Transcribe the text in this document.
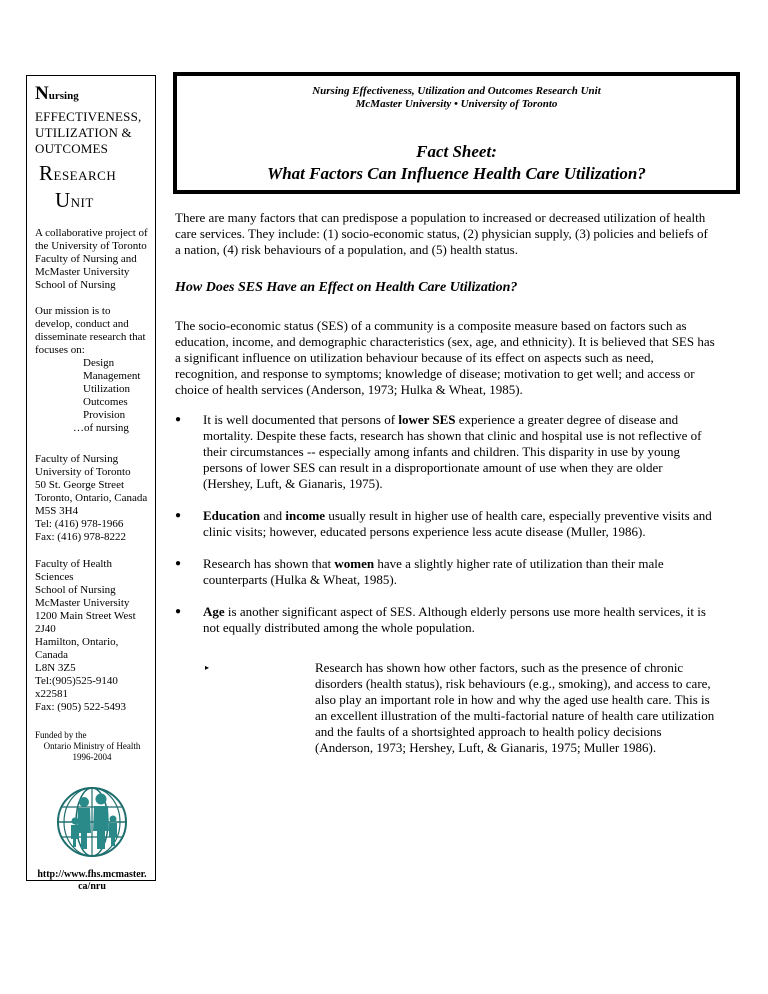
Nursing
EFFECTIVENESS,
UTILIZATION &
OUTCOMES
RESEARCH
UNIT

A collaborative project of the University of Toronto Faculty of Nursing and McMaster University School of Nursing

Our mission is to develop, conduct and disseminate research that focuses on:

Design
Management
Utilization
Outcomes
Provision
…of nursing
Faculty of Nursing
University of Toronto
50 St. George Street
Toronto, Ontario, Canada
M5S 3H4
Tel: (416) 978-1966
Fax: (416) 978-8222
Faculty of Health Sciences
School of Nursing
McMaster University
1200 Main Street West
2J40
Hamilton, Ontario, Canada
L8N 3Z5
Tel:(905)525-9140
x22581
Fax: (905) 522-5493
Funded by the
Ontario Ministry of Health
1996-2004
http://www.fhs.mcmaster.
ca/nru
Nursing Effectiveness, Utilization and Outcomes Research Unit
McMaster University • University of Toronto
Fact Sheet:
What Factors Can Influence Health Care Utilization?

There are many factors that can predispose a population to increased or decreased utilization of health care services. They include: (1) socio-economic status, (2) physician supply, (3) policies and beliefs of a nation, (4) risk behaviours of a population, and (5) health status.

How Does SES Have an Effect on Health Care Utilization?

The socio-economic status (SES) of a community is a composite measure based on factors such as education, income, and demographic characteristics (sex, age, and ethnicity). It is believed that SES has a significant influence on utilization behaviour because of its effect on aspects such as need, recognition, and response to symptoms; knowledge of disease; motivation to get well; and access or choice of health services (Anderson, 1973; Hulka & Wheat, 1985).

● It is well documented that persons of lower SES experience a greater degree of disease and mortality. Despite these facts, research has shown that clinic and hospital use is not reflective of their circumstances -- especially among infants and children. This disparity in use by young persons of lower SES can result in a disproportionate amount of use when they are older (Hershey, Luft, & Gianaris, 1975).
● Education and income usually result in higher use of health care, especially preventive visits and clinic visits; however, educated persons experience less acute disease (Muller, 1986).
● Research has shown that women have a slightly higher rate of utilization than their male counterparts (Hulka & Wheat, 1985).
● Age is another significant aspect of SES. Although elderly persons use more health services, it is not equally distributed among the whole population.

▸	Research has shown how other factors, such as the presence of chronic disorders (health status), risk behaviours (e.g., smoking), and access to care, also play an important role in how and why the aged use health care. This is an excellent illustration of the multi-factorial nature of health care utilization and the faults of a shortsighted approach to health policy decisions (Anderson, 1973; Hershey, Luft, & Gianaris, 1975; Muller 1986).
